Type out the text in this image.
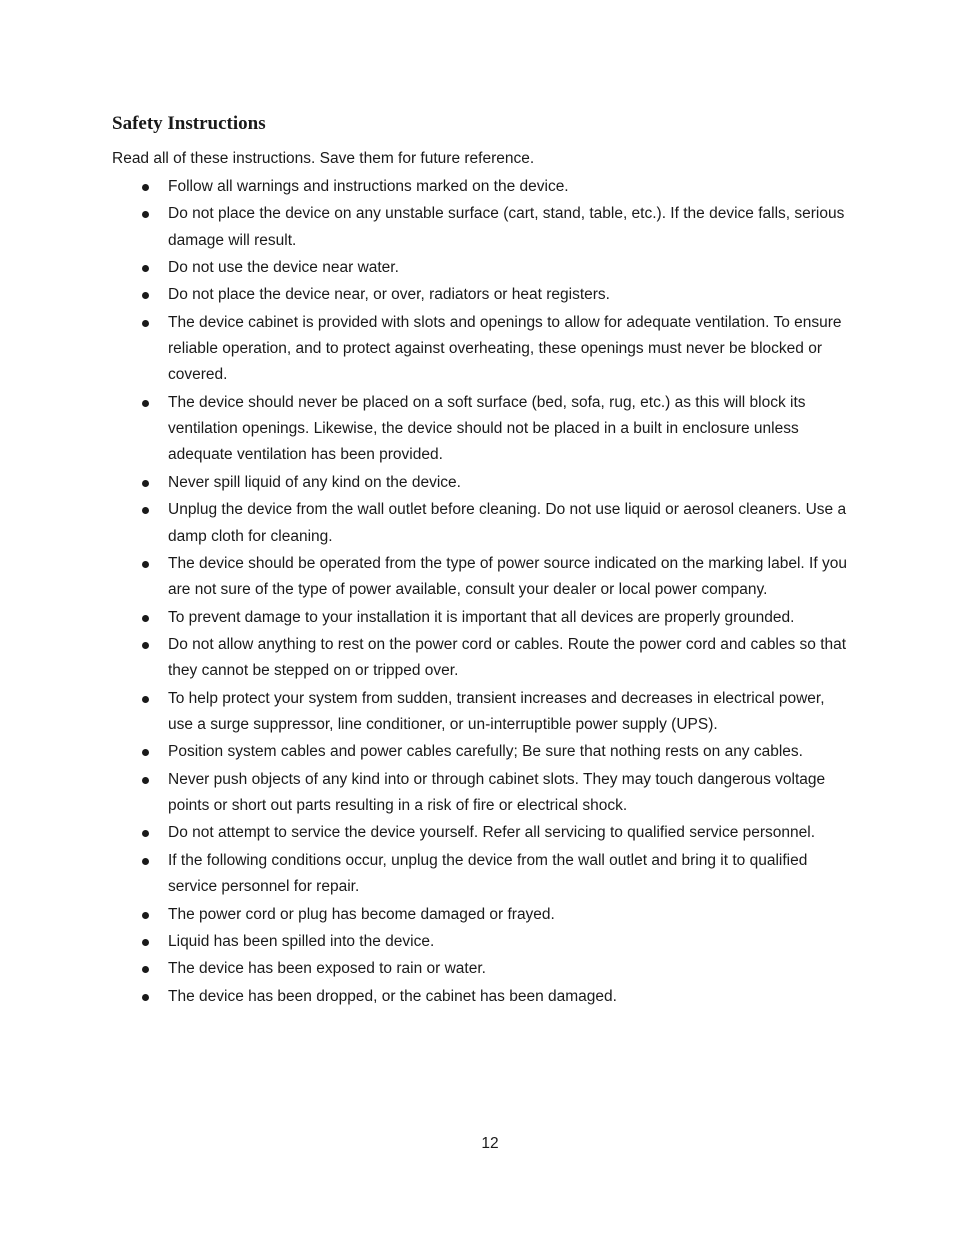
Safety Instructions

Read all of these instructions. Save them for future reference.

Follow all warnings and instructions marked on the device.
Do not place the device on any unstable surface (cart, stand, table, etc.). If the device falls, serious damage will result.
Do not use the device near water.
Do not place the device near, or over, radiators or heat registers.
The device cabinet is provided with slots and openings to allow for adequate ventilation. To ensure reliable operation, and to protect against overheating, these openings must never be blocked or covered.
The device should never be placed on a soft surface (bed, sofa, rug, etc.) as this will block its ventilation openings. Likewise, the device should not be placed in a built in enclosure unless adequate ventilation has been provided.
Never spill liquid of any kind on the device.
Unplug the device from the wall outlet before cleaning. Do not use liquid or aerosol cleaners. Use a damp cloth for cleaning.
The device should be operated from the type of power source indicated on the marking label. If you are not sure of the type of power available, consult your dealer or local power company.
To prevent damage to your installation it is important that all devices are properly grounded.
Do not allow anything to rest on the power cord or cables. Route the power cord and cables so that they cannot be stepped on or tripped over.
To help protect your system from sudden, transient increases and decreases in electrical power, use a surge suppressor, line conditioner, or un-interruptible power supply (UPS).
Position system cables and power cables carefully; Be sure that nothing rests on any cables.
Never push objects of any kind into or through cabinet slots. They may touch dangerous voltage points or short out parts resulting in a risk of fire or electrical shock.
Do not attempt to service the device yourself. Refer all servicing to qualified service personnel.
If the following conditions occur, unplug the device from the wall outlet and bring it to qualified service personnel for repair.
The power cord or plug has become damaged or frayed.
Liquid has been spilled into the device.
The device has been exposed to rain or water.
The device has been dropped, or the cabinet has been damaged.

12
